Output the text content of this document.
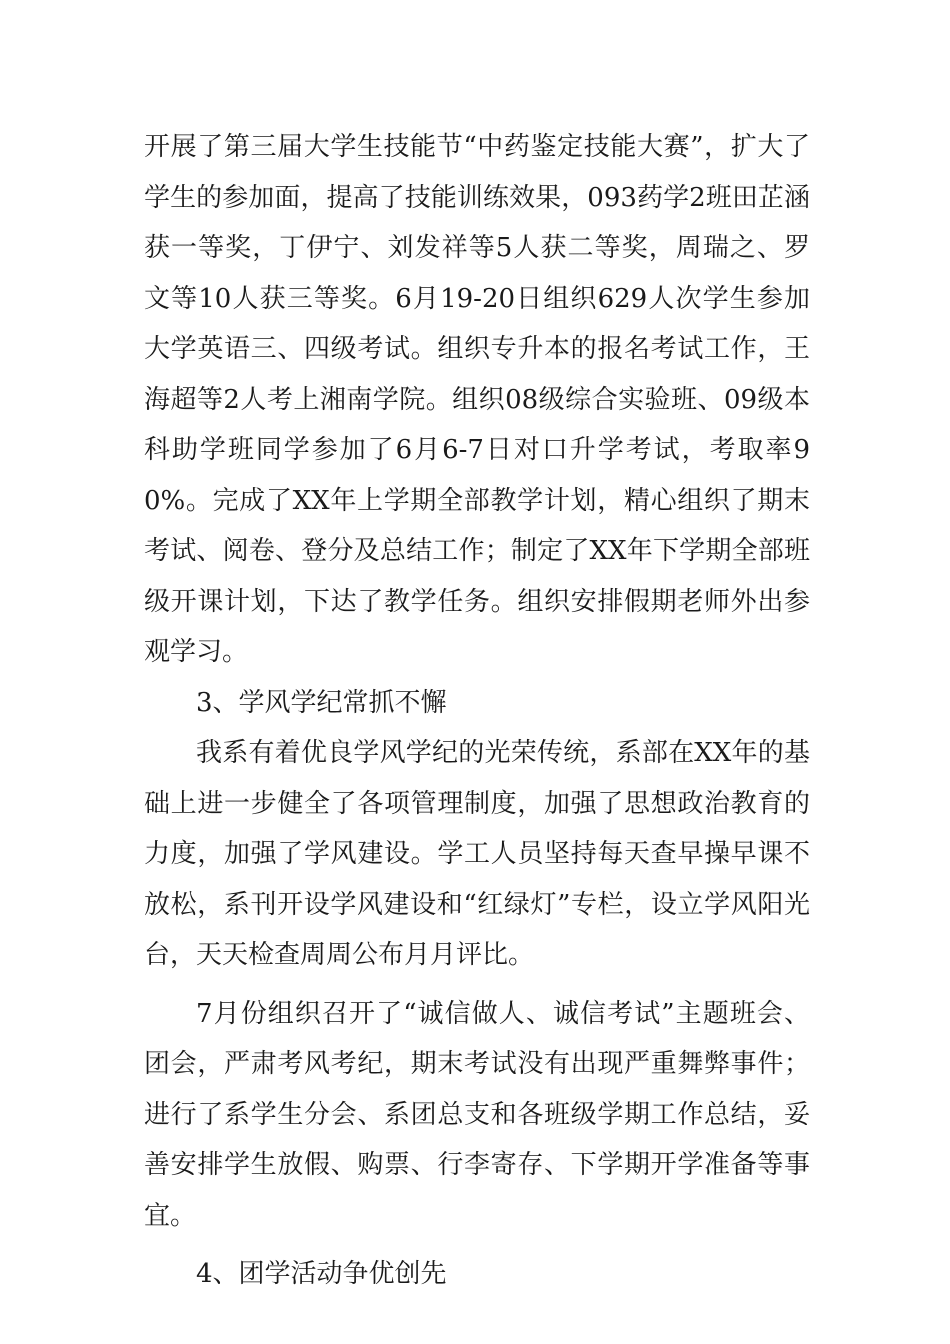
开展了第三届大学生技能节“中药鉴定技能大赛”，扩大了学生的参加面，提高了技能训练效果，093药学2班田芷涵获一等奖，丁伊宁、刘发祥等5人获二等奖，周瑞之、罗文等10人获三等奖。6月19-20日组织629人次学生参加大学英语三、四级考试。组织专升本的报名考试工作，王海超等2人考上湘南学院。组织08级综合实验班、09级本科助学班同学参加了6月6-7日对口升学考试，考取率90%。完成了XX年上学期全部教学计划，精心组织了期末考试、阅卷、登分及总结工作；制定了XX年下学期全部班级开课计划，下达了教学任务。组织安排假期老师外出参观学习。

3、学风学纪常抓不懈

我系有着优良学风学纪的光荣传统，系部在XX年的基础上进一步健全了各项管理制度，加强了思想政治教育的力度，加强了学风建设。学工人员坚持每天查早操早课不放松，系刊开设学风建设和“红绿灯”专栏，设立学风阳光台，天天检查周周公布月月评比。

7月份组织召开了“诚信做人、诚信考试”主题班会、团会，严肃考风考纪，期末考试没有出现严重舞弊事件；进行了系学生分会、系团总支和各班级学期工作总结，妥善安排学生放假、购票、行李寄存、下学期开学准备等事宜。

4、团学活动争优创先
